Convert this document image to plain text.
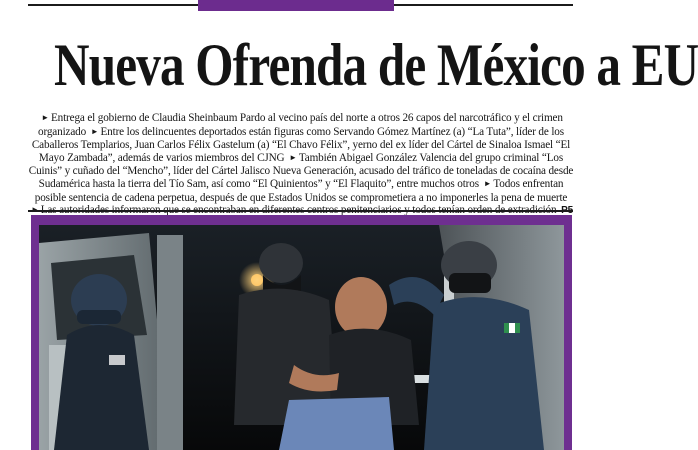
Nueva Ofrenda de México a EU
► Entrega el gobierno de Claudia Sheinbaum Pardo al vecino país del norte a otros 26 capos del narcotráfico y el crimen organizado ► Entre los delincuentes deportados están figuras como Servando Gómez Martínez (a) “La Tuta”, líder de los Caballeros Templarios, Juan Carlos Félix Gastelum (a) “El Chavo Félix”, yerno del ex líder del Cártel de Sinaloa Ismael “El Mayo Zambada”, además de varios miembros del CJNG ► También Abigael González Valencia del grupo criminal “Los Cuinis” y cuñado del “Mencho”, líder del Cártel Jalisco Nueva Generación, acusado del tráfico de toneladas de cocaína desde Sudamérica hasta la tierra del Tío Sam, así como “El Quinientos” y “El Flaquito”, entre muchos otros ► Todos enfrentan posible sentencia de cadena perpetua, después de que Estados Unidos se comprometiera a no imponerles la pena de muerte
